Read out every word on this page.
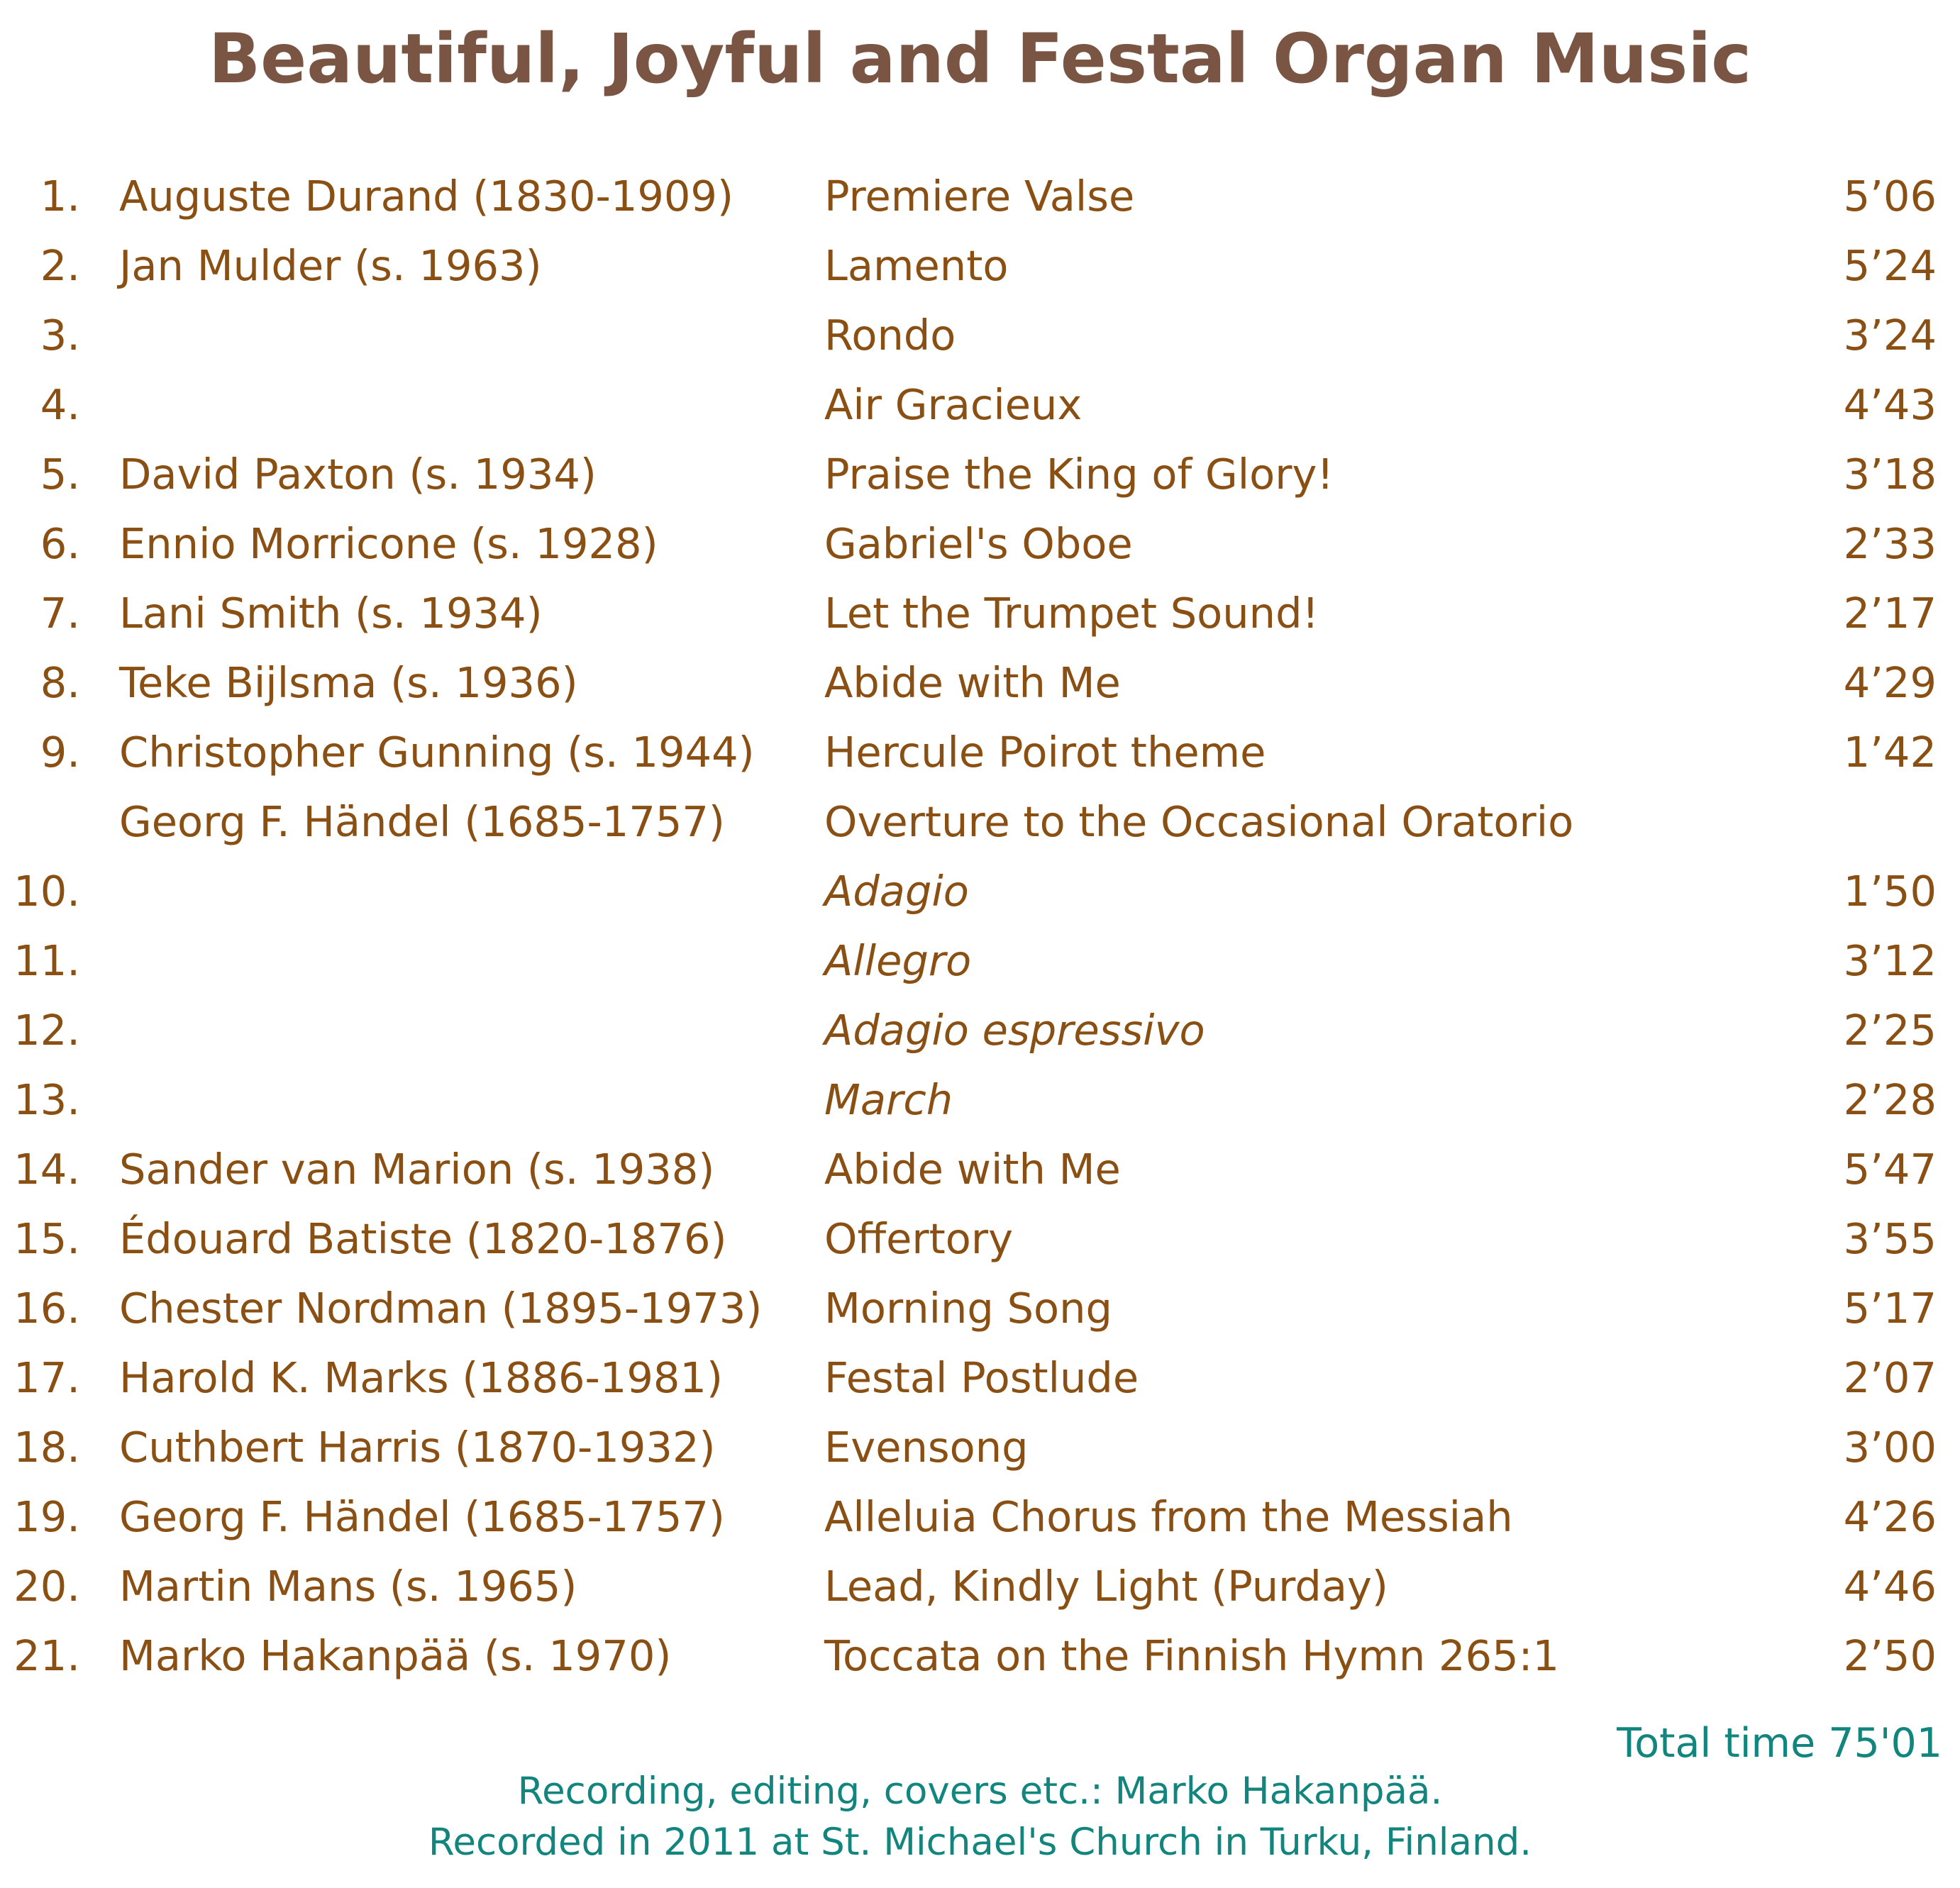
Beautiful, Joyful and Festal Organ Music
1. Auguste Durand (1830-1909) Premiere Valse	5’06
2. Jan Mulder (s. 1963)	Lamento	5’24
3.	Rondo	3’24
4.	Air Gracieux	4’43
5. David Paxton (s. 1934)	Praise the King of Glory!	3’18
6. Ennio Morricone (s. 1928)	Gabriel's Oboe	2’33
7. Lani Smith (s. 1934)	Let the Trumpet Sound!	2’17
8. Teke Bijlsma (s. 1936)	Abide with Me	4’29
9. Christopher Gunning (s. 1944) Hercule Poirot theme	1’42
Georg F. Händel (1685-1757) Overture to the Occasional Oratorio
10.	Adagio	1’50
11.	Allegro	3’12
12.	Adagio espressivo	2’25
13.	March	2’28
14. Sander van Marion (s. 1938)	Abide with Me	5’47
15. Édouard Batiste (1820-1876) Offertory	3’55
16. Chester Nordman (1895-1973) Morning Song	5’17
17. Harold K. Marks (1886-1981) Festal Postlude	2’07
18. Cuthbert Harris (1870-1932)	Evensong	3’00
19. Georg F. Händel (1685-1757) Alleluia Chorus from the Messiah	4’26
20. Martin Mans (s. 1965)	Lead, Kindly Light (Purday)	4’46
21. Marko Hakanpää (s. 1970)	Toccata on the Finnish Hymn 265:1	2’50
Total time 75'01
Recording, editing, covers etc.: Marko Hakanpää.
Recorded in 2011 at St. Michael's Church in Turku, Finland.
